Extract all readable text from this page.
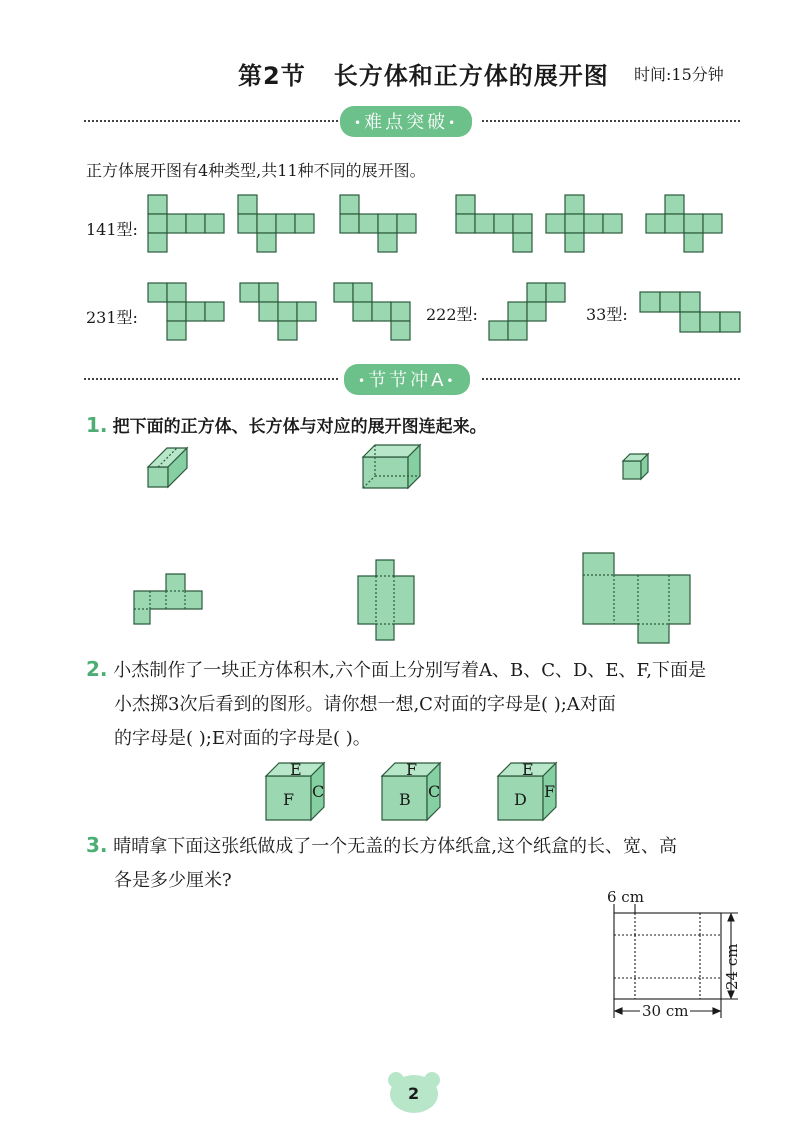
第2节 长方体和正方体的展开图 时间:15分钟
•难点突破•
正方体展开图有4种类型,共11种不同的展开图。
141型:
231型:	222型:	33型:
E
F C
F
B C
E
D F
•节节冲A•
1. 把下面的正方体、长方体与对应的展开图连起来。
2. 小杰制作了一块正方体积木,六个面上分别写着A、B、C、D、E、F,下面是
小杰掷3次后看到的图形。请你想一想,C对面的字母是( );A对面
的字母是( );E对面的字母是( )。
3. 晴晴拿下面这张纸做成了一个无盖的长方体纸盒,这个纸盒的长、宽、高
各是多少厘米?
6 cm
24 cm
30 cm
2
